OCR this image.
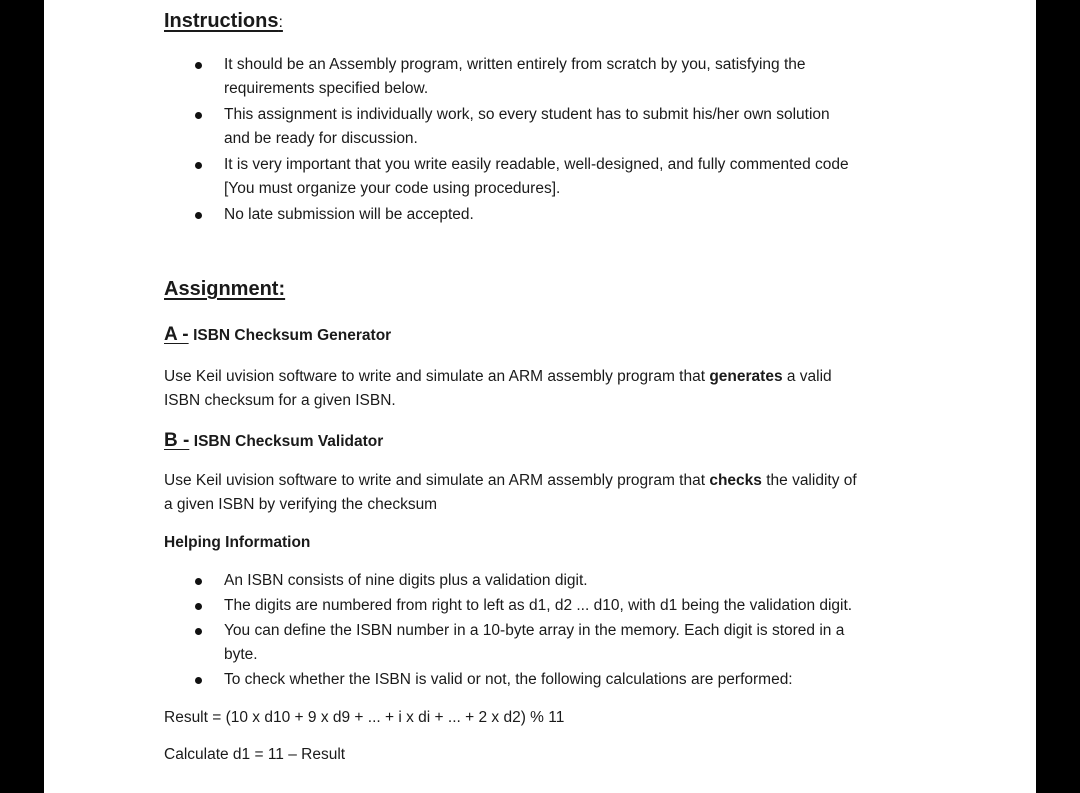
Instructions:
It should be an Assembly program, written entirely from scratch by you, satisfying the
requirements specified below.
This assignment is individually work, so every student has to submit his/her own solution
and be ready for discussion.
It is very important that you write easily readable, well-designed, and fully commented code
[You must organize your code using procedures].
No late submission will be accepted.
Assignment:
A - ISBN Checksum Generator
Use Keil uvision software to write and simulate an ARM assembly program that generates a valid
ISBN checksum for a given ISBN.
B - ISBN Checksum Validator
Use Keil uvision software to write and simulate an ARM assembly program that checks the validity of
a given ISBN by verifying the checksum
Helping Information
An ISBN consists of nine digits plus a validation digit.
The digits are numbered from right to left as d1, d2 ... d10, with d1 being the validation digit.
You can define the ISBN number in a 10-byte array in the memory. Each digit is stored in a
byte.
To check whether the ISBN is valid or not, the following calculations are performed:
Result = (10 x d10 + 9 x d9 + ... + i x di + ... + 2 x d2) % 11
Calculate d1 = 11 – Result
